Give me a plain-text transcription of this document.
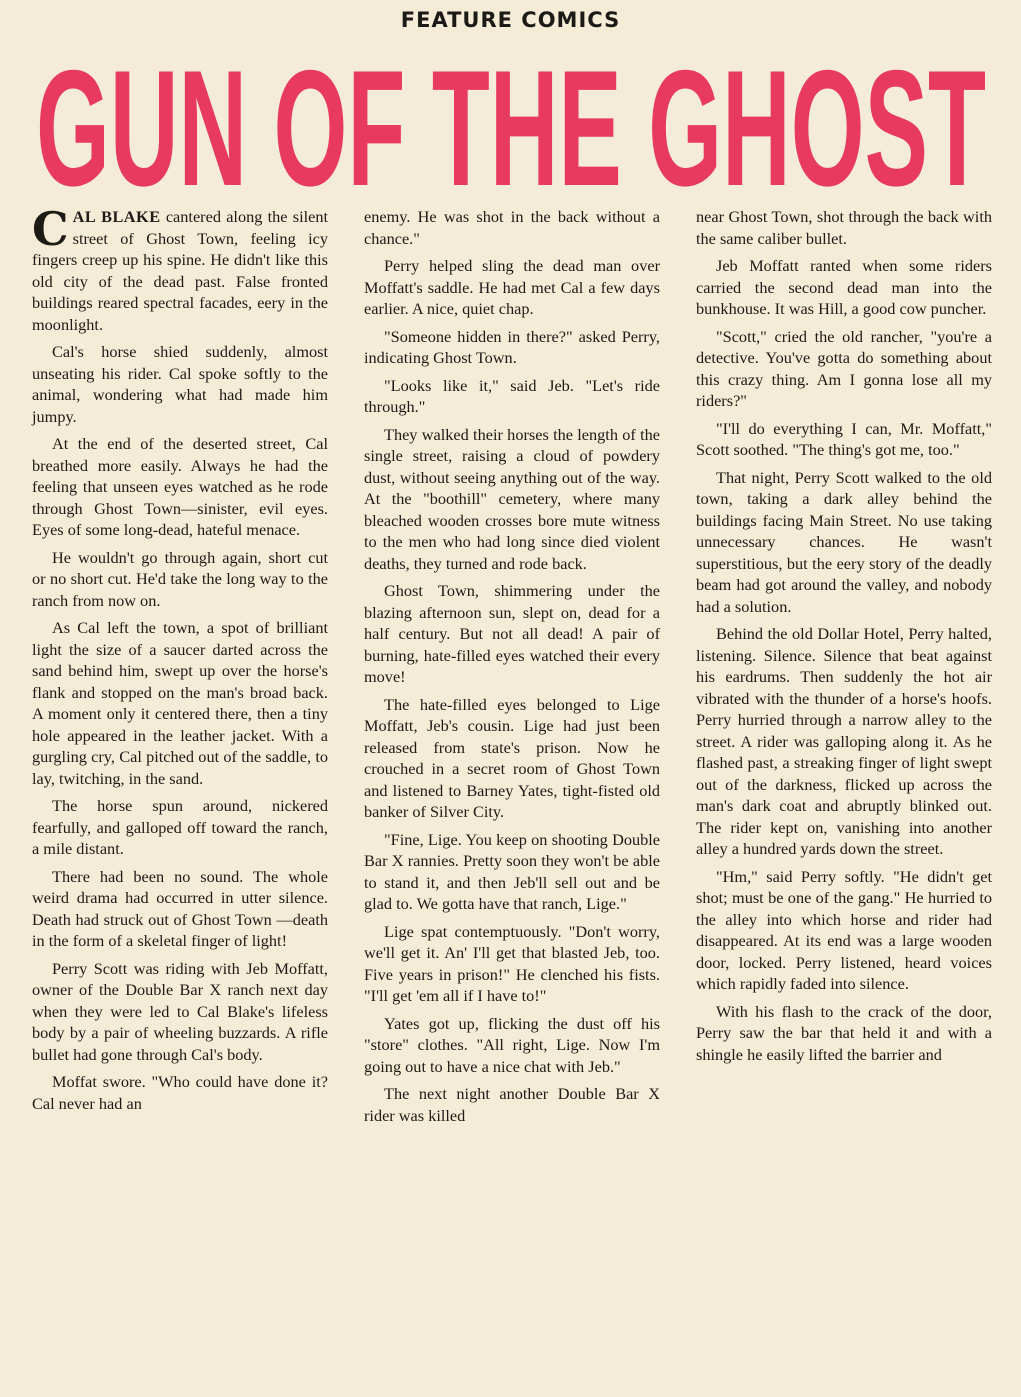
FEATURE COMICS
GUN OF THE GHOST

CAL BLAKE cantered along the silent street of Ghost Town, feeling icy fingers creep up his spine. He didn't like this old city of the dead past. False fronted buildings reared spectral facades, eery in the moonlight.

Cal's horse shied suddenly, almost unseating his rider. Cal spoke softly to the animal, wondering what had made him jumpy.

At the end of the deserted street, Cal breathed more easily. Always he had the feeling that unseen eyes watched as he rode through Ghost Town—sinister, evil eyes. Eyes of some long-dead, hateful menace.

He wouldn't go through again, short cut or no short cut. He'd take the long way to the ranch from now on.

As Cal left the town, a spot of brilliant light the size of a saucer darted across the sand behind him, swept up over the horse's flank and stopped on the man's broad back. A moment only it centered there, then a tiny hole appeared in the leather jacket. With a gurgling cry, Cal pitched out of the saddle, to lay, twitching, in the sand.

The horse spun around, nickered fearfully, and galloped off toward the ranch, a mile distant.

There had been no sound. The whole weird drama had occurred in utter silence. Death had struck out of Ghost Town —death in the form of a skeletal finger of light!

Perry Scott was riding with Jeb Moffatt, owner of the Double Bar X ranch next day when they were led to Cal Blake's lifeless body by a pair of wheeling buzzards. A rifle bullet had gone through Cal's body.

Moffat swore. "Who could have done it? Cal never had an

enemy. He was shot in the back without a chance."

Perry helped sling the dead man over Moffatt's saddle. He had met Cal a few days earlier. A nice, quiet chap.

"Someone hidden in there?" asked Perry, indicating Ghost Town.

"Looks like it," said Jeb. "Let's ride through."

They walked their horses the length of the single street, raising a cloud of powdery dust, without seeing anything out of the way. At the "boothill" cemetery, where many bleached wooden crosses bore mute witness to the men who had long since died violent deaths, they turned and rode back.

Ghost Town, shimmering under the blazing afternoon sun, slept on, dead for a half century. But not all dead! A pair of burning, hate-filled eyes watched their every move!

The hate-filled eyes belonged to Lige Moffatt, Jeb's cousin. Lige had just been released from state's prison. Now he crouched in a secret room of Ghost Town and listened to Barney Yates, tight-fisted old banker of Silver City.

"Fine, Lige. You keep on shooting Double Bar X rannies. Pretty soon they won't be able to stand it, and then Jeb'll sell out and be glad to. We gotta have that ranch, Lige."

Lige spat contemptuously. "Don't worry, we'll get it. An' I'll get that blasted Jeb, too. Five years in prison!" He clenched his fists. "I'll get 'em all if I have to!"

Yates got up, flicking the dust off his "store" clothes. "All right, Lige. Now I'm going out to have a nice chat with Jeb."

The next night another Double Bar X rider was killed

near Ghost Town, shot through the back with the same caliber bullet.

Jeb Moffatt ranted when some riders carried the second dead man into the bunkhouse. It was Hill, a good cow puncher.

"Scott," cried the old rancher, "you're a detective. You've gotta do something about this crazy thing. Am I gonna lose all my riders?"

"I'll do everything I can, Mr. Moffatt," Scott soothed. "The thing's got me, too."

That night, Perry Scott walked to the old town, taking a dark alley behind the buildings facing Main Street. No use taking unnecessary chances. He wasn't superstitious, but the eery story of the deadly beam had got around the valley, and nobody had a solution.

Behind the old Dollar Hotel, Perry halted, listening. Silence. Silence that beat against his eardrums. Then suddenly the hot air vibrated with the thunder of a horse's hoofs. Perry hurried through a narrow alley to the street. A rider was galloping along it. As he flashed past, a streaking finger of light swept out of the darkness, flicked up across the man's dark coat and abruptly blinked out. The rider kept on, vanishing into another alley a hundred yards down the street.

"Hm," said Perry softly. "He didn't get shot; must be one of the gang." He hurried to the alley into which horse and rider had disappeared. At its end was a large wooden door, locked. Perry listened, heard voices which rapidly faded into silence.

With his flash to the crack of the door, Perry saw the bar that held it and with a shingle he easily lifted the barrier and
